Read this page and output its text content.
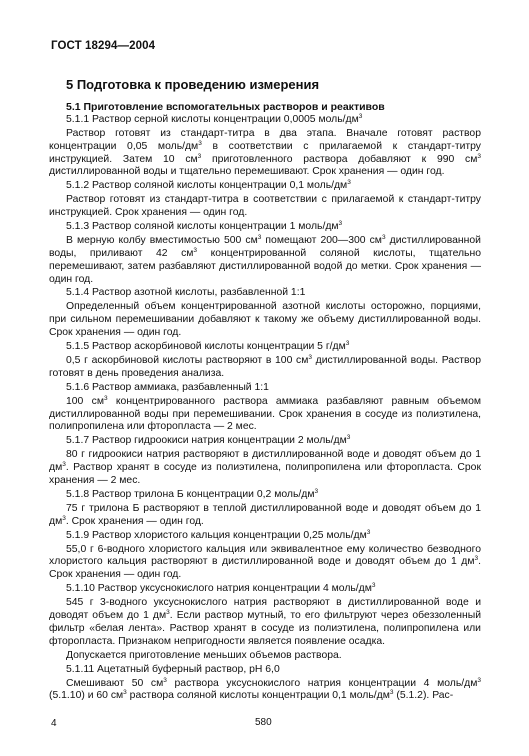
ГОСТ 18294—2004
5 Подготовка к проведению измерения
5.1 Приготовление вспомогательных растворов и реактивов

5.1.1 Раствор серной кислоты концентрации 0,0005 моль/$дм^3$

Раствор готовят из стандарт-титра в два этапа. Вначале готовят раствор концентрации 0,05 моль/$дм^3$ в соответствии с прилагаемой к стандарт-титру инструкцией. Затем 10 $см^3$ приготовленного раствора добавляют к 990 $см^3$ дистиллированной воды и тщательно перемешивают. Срок хранения — один год.

5.1.2 Раствор соляной кислоты концентрации 0,1 моль/$дм^3$

Раствор готовят из стандарт-титра в соответствии с прилагаемой к стандарт-титру инструкцией. Срок хранения — один год.

5.1.3 Раствор соляной кислоты концентрации 1 моль/$дм^3$

В мерную колбу вместимостью 500 $см^3$ помещают 200—300 $см^3$ дистиллированной воды, приливают 42 $см^3$ концентрированной соляной кислоты, тщательно перемешивают, затем разбавляют дистиллированной водой до метки. Срок хранения — один год.

5.1.4 Раствор азотной кислоты, разбавленной 1:1

Определенный объем концентрированной азотной кислоты осторожно, порциями, при сильном перемешивании добавляют к такому же объему дистиллированной воды. Срок хранения — один год.

5.1.5 Раствор аскорбиновой кислоты концентрации 5 $г/дм^3$

0,5 г аскорбиновой кислоты растворяют в 100 $см^3$ дистиллированной воды. Раствор готовят в день проведения анализа.

5.1.6 Раствор аммиака, разбавленный 1:1

100 $см^3$ концентрированного раствора аммиака разбавляют равным объемом дистиллированной воды при перемешивании. Срок хранения в сосуде из полиэтилена, полипропилена или фторопласта — 2 мес.

5.1.7 Раствор гидроокиси натрия концентрации 2 моль/$дм^3$

80 г гидроокиси натрия растворяют в дистиллированной воде и доводят объем до 1 $дм^3$. Раствор хранят в сосуде из полиэтилена, полипропилена или фторопласта. Срок хранения — 2 мес.

5.1.8 Раствор трилона Б концентрации 0,2 моль/$дм^3$

75 г трилона Б растворяют в теплой дистиллированной воде и доводят объем до 1 $дм^3$. Срок хранения — один год.

5.1.9 Раствор хлористого кальция концентрации 0,25 моль/$дм^3$

55,0 г 6-водного хлористого кальция или эквивалентное ему количество безводного хлористого кальция растворяют в дистиллированной воде и доводят объем до 1 $дм^3$. Срок хранения — один год.

5.1.10 Раствор уксуснокислого натрия концентрации 4 моль/$дм^3$

545 г 3-водного уксуснокислого натрия растворяют в дистиллированной воде и доводят объем до 1 $дм^3$. Если раствор мутный, то его фильтруют через обеззоленный фильтр «белая лента». Раствор хранят в сосуде из полиэтилена, полипропилена или фторопласта. Признаком непригодности является появление осадка.

Допускается приготовление меньших объемов раствора.

5.1.11 Ацетатный буферный раствор, pH 6,0

Смешивают 50 $см^3$ раствора уксуснокислого натрия концентрации 4 моль/$дм^3$ (5.1.10) и 60 $см^3$ раствора соляной кислоты концентрации 0,1 моль/$дм^3$ (5.1.2). Рас-

4	580
